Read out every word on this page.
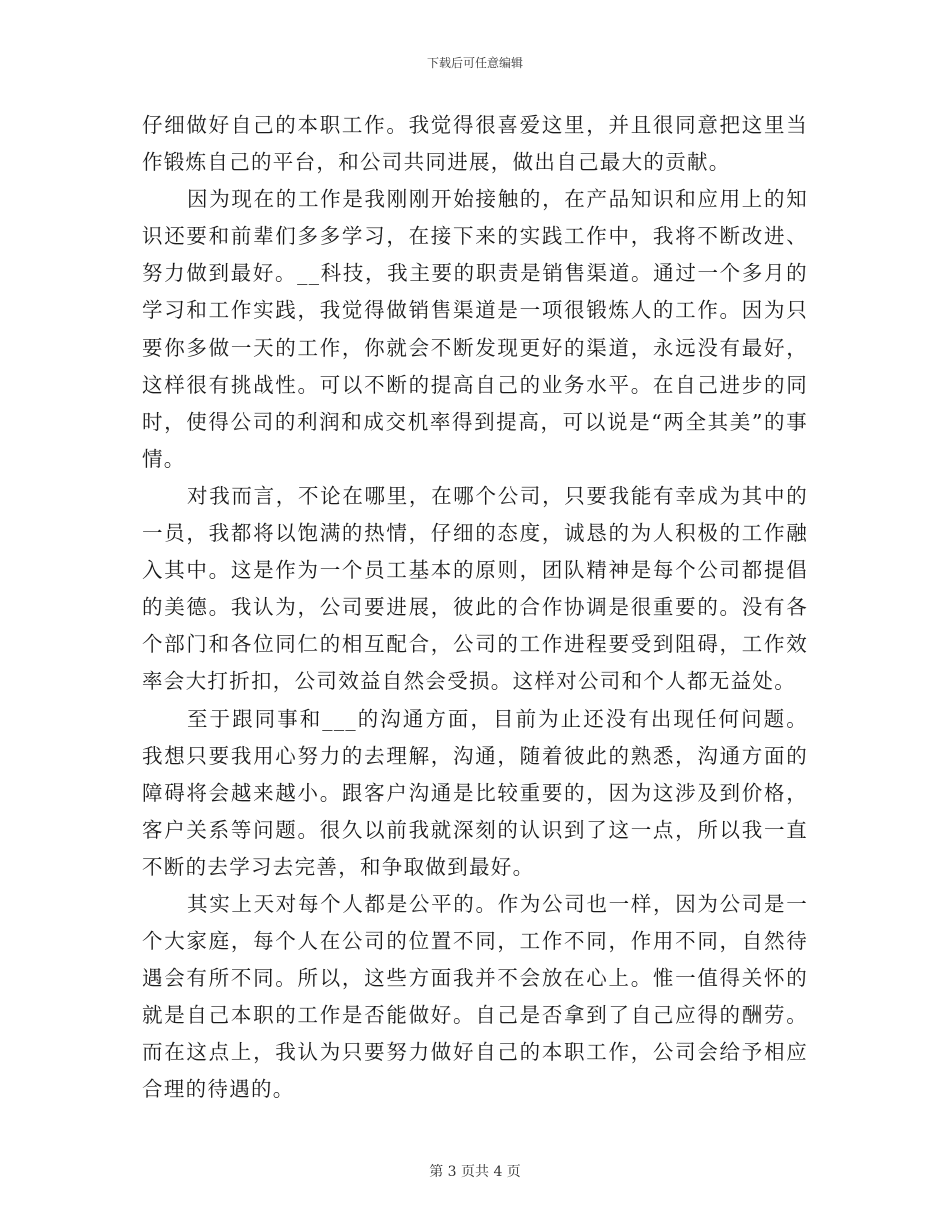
下载后可任意编辑

仔细做好自己的本职工作。我觉得很喜爱这里，并且很同意把这里当作锻炼自己的平台，和公司共同进展，做出自己最大的贡献。

因为现在的工作是我刚刚开始接触的，在产品知识和应用上的知识还要和前辈们多多学习，在接下来的实践工作中，我将不断改进、努力做到最好。__科技，我主要的职责是销售渠道。通过一个多月的学习和工作实践，我觉得做销售渠道是一项很锻炼人的工作。因为只要你多做一天的工作，你就会不断发现更好的渠道，永远没有最好，这样很有挑战性。可以不断的提高自己的业务水平。在自己进步的同时，使得公司的利润和成交机率得到提高，可以说是“两全其美”的事情。

对我而言，不论在哪里，在哪个公司，只要我能有幸成为其中的一员，我都将以饱满的热情，仔细的态度，诚恳的为人积极的工作融入其中。这是作为一个员工基本的原则，团队精神是每个公司都提倡的美德。我认为，公司要进展，彼此的合作协调是很重要的。没有各个部门和各位同仁的相互配合，公司的工作进程要受到阻碍，工作效率会大打折扣，公司效益自然会受损。这样对公司和个人都无益处。

至于跟同事和___的沟通方面，目前为止还没有出现任何问题。我想只要我用心努力的去理解，沟通，随着彼此的熟悉，沟通方面的障碍将会越来越小。跟客户沟通是比较重要的，因为这涉及到价格，客户关系等问题。很久以前我就深刻的认识到了这一点，所以我一直不断的去学习去完善，和争取做到最好。

其实上天对每个人都是公平的。作为公司也一样，因为公司是一个大家庭，每个人在公司的位置不同，工作不同，作用不同，自然待遇会有所不同。所以，这些方面我并不会放在心上。惟一值得关怀的就是自己本职的工作是否能做好。自己是否拿到了自己应得的酬劳。而在这点上，我认为只要努力做好自己的本职工作，公司会给予相应合理的待遇的。

第 3 页共 4 页
